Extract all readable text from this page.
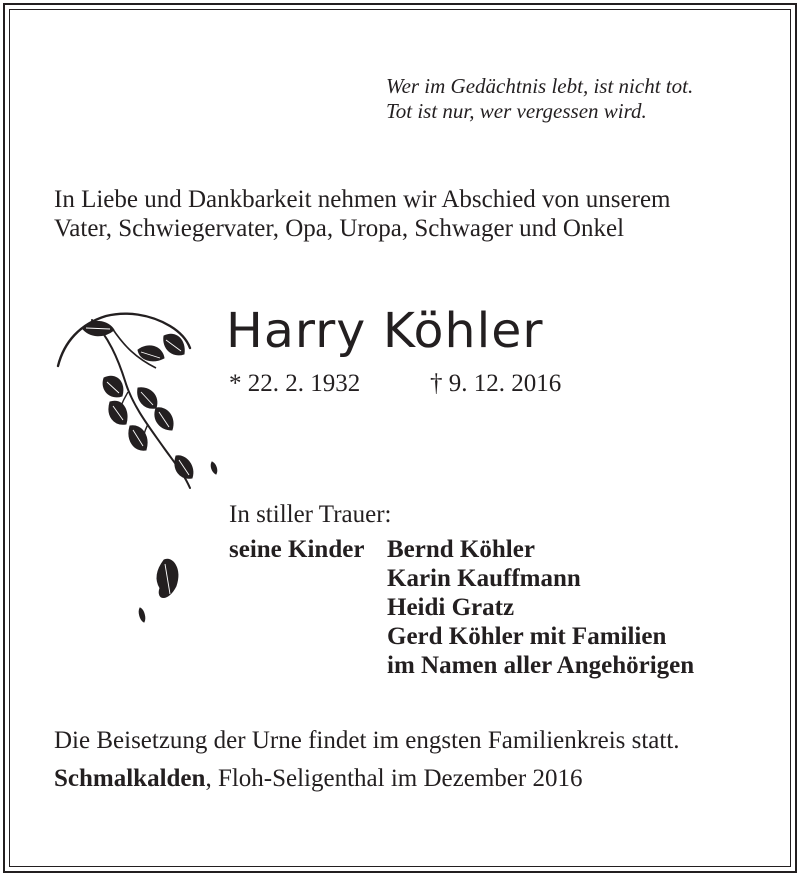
Wer im Gedächtnis lebt, ist nicht tot.
Tot ist nur, wer vergessen wird.
In Liebe und Dankbarkeit nehmen wir Abschied von unserem
Vater, Schwiegervater, Opa, Uropa, Schwager und Onkel
Harry Köhler
* 22. 2. 1932	† 9. 12. 2016
In stiller Trauer:
seine Kinder Bernd Köhler
Karin Kauffmann
Heidi Gratz
Gerd Köhler mit Familien
im Namen aller Angehörigen
Die Beisetzung der Urne findet im engsten Familienkreis statt.
Schmalkalden, Floh-Seligenthal im Dezember 2016
